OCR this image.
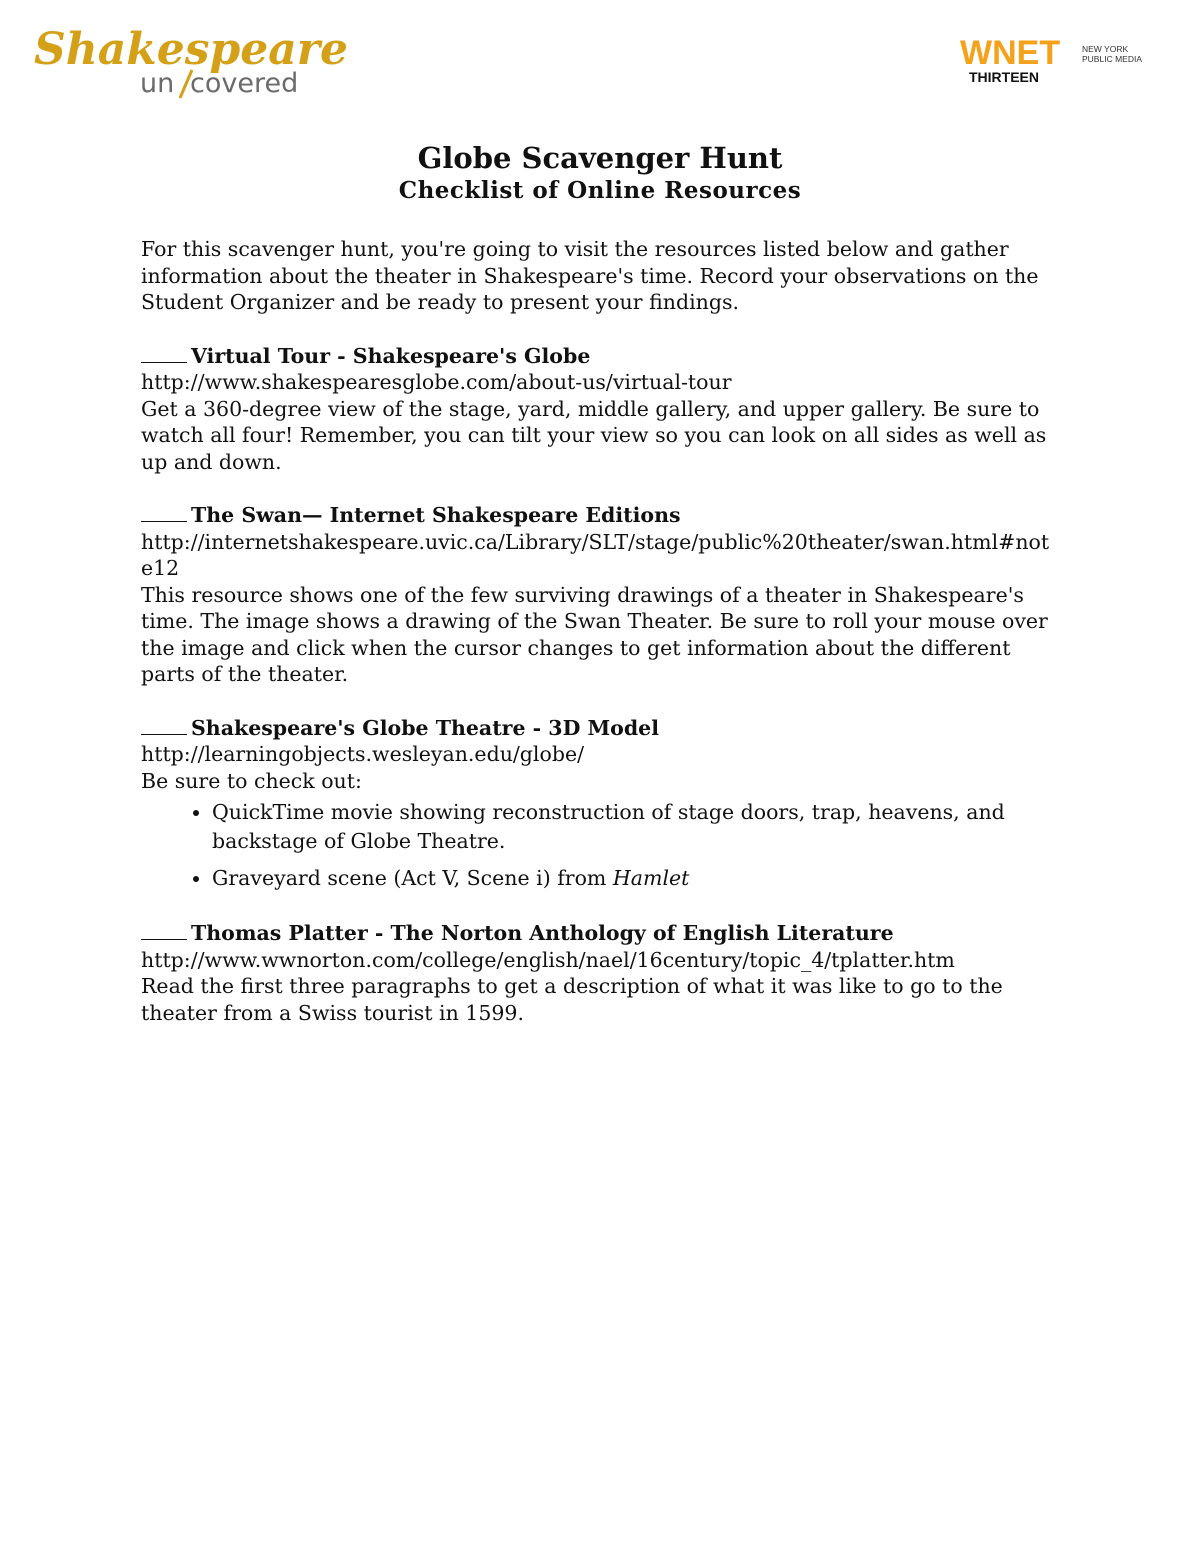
Shakespeare
un covered
WNET
THIRTEEN
NEW YORK
PUBLIC MEDIA
Globe Scavenger Hunt
Checklist of Online Resources

For this scavenger hunt, you're going to visit the resources listed below and gather information about the theater in Shakespeare's time. Record your observations on the Student Organizer and be ready to present your findings.

Virtual Tour - Shakespeare's Globe
http://www.shakespearesglobe.com/about-us/virtual-tour
Get a 360-degree view of the stage, yard, middle gallery, and upper gallery. Be sure to watch all four! Remember, you can tilt your view so you can look on all sides as well as up and down.
The Swan— Internet Shakespeare Editions
http://internetshakespeare.uvic.ca/Library/SLT/stage/public%20theater/swan.html#note12
This resource shows one of the few surviving drawings of a theater in Shakespeare's time. The image shows a drawing of the Swan Theater. Be sure to roll your mouse over the image and click when the cursor changes to get information about the different parts of the theater.
Shakespeare's Globe Theatre - 3D Model
http://learningobjects.wesleyan.edu/globe/
Be sure to check out:
• QuickTime movie showing reconstruction of stage doors, trap, heavens, and backstage of Globe Theatre.
• Graveyard scene (Act V, Scene i) from Hamlet
Thomas Platter - The Norton Anthology of English Literature
http://www.wwnorton.com/college/english/nael/16century/topic_4/tplatter.htm
Read the first three paragraphs to get a description of what it was like to go to the theater from a Swiss tourist in 1599.
